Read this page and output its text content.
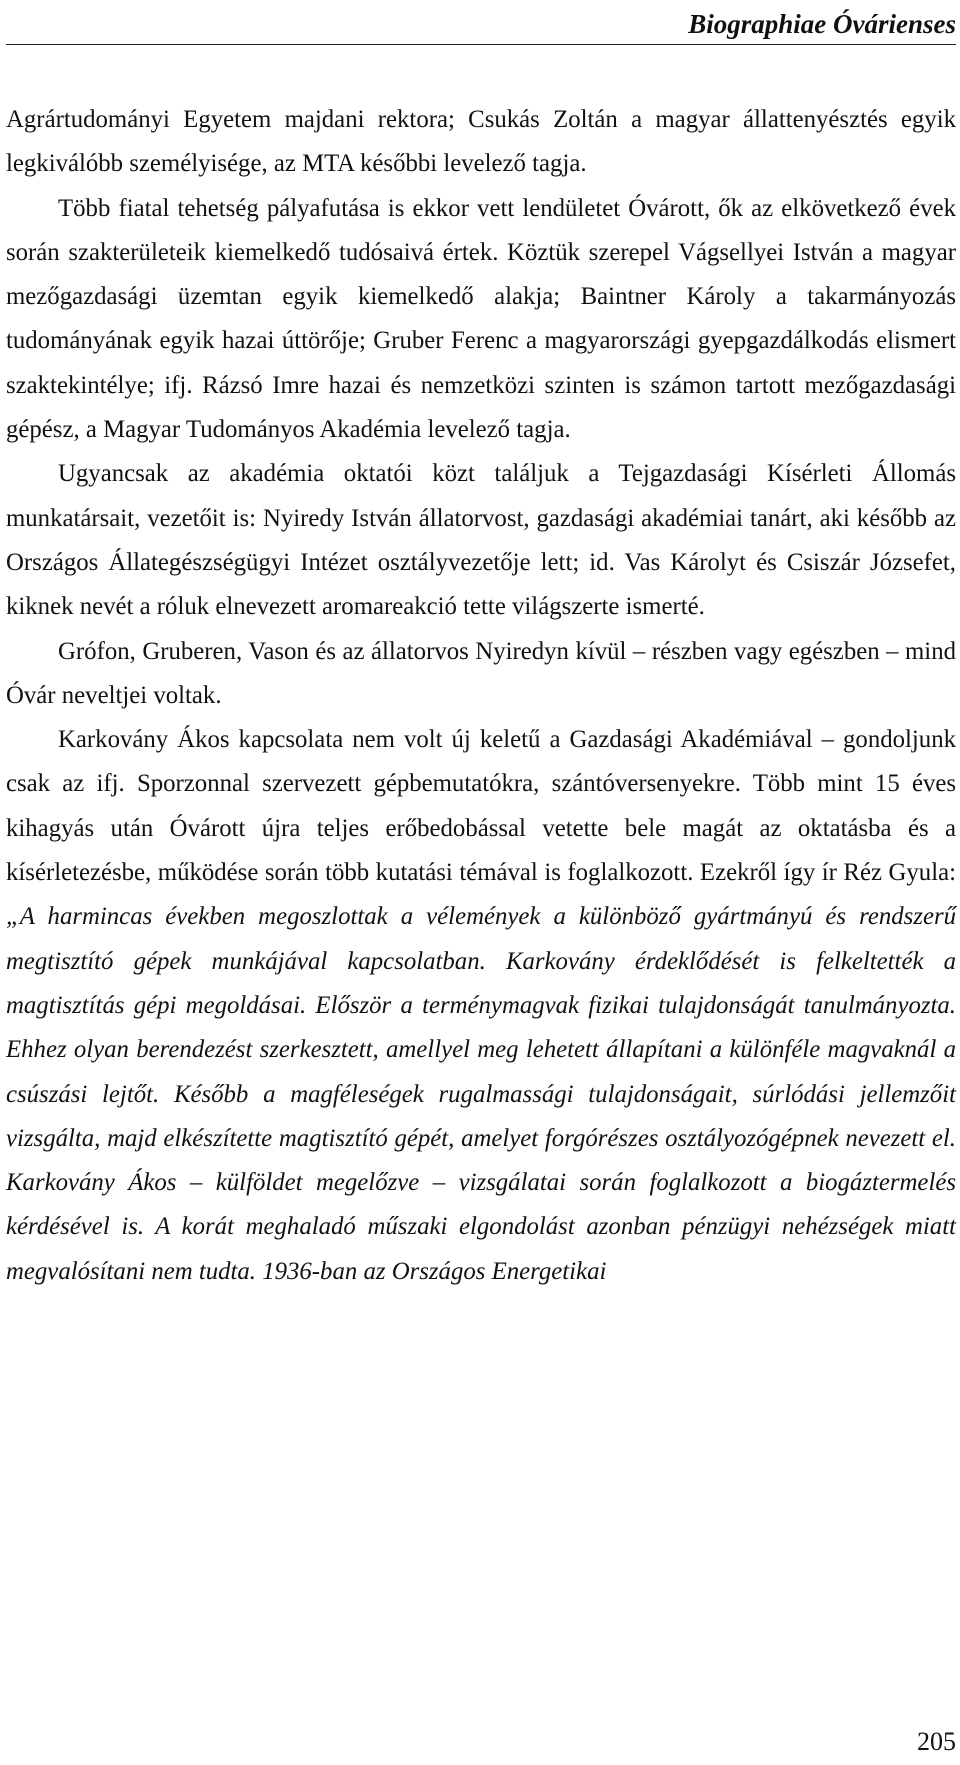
Biographiae Óvárienses

Agrártudományi Egyetem majdani rektora; Csukás Zoltán a magyar állattenyésztés egyik legkiválóbb személyisége, az MTA későbbi levelező tagja.

Több fiatal tehetség pályafutása is ekkor vett lendületet Óvárott, ők az elkövetkező évek során szakterületeik kiemelkedő tudósaivá értek. Köztük szerepel Vágsellyei István a magyar mezőgazdasági üzemtan egyik kiemelkedő alakja; Baintner Károly a takarmányozás tudományának egyik hazai úttörője; Gruber Ferenc a magyarországi gyepgazdálkodás elismert szaktekintélye; ifj. Rázsó Imre hazai és nemzetközi szinten is számon tartott mezőgazdasági gépész, a Magyar Tudományos Akadémia levelező tagja.

Ugyancsak az akadémia oktatói közt találjuk a Tejgazdasági Kísérleti Állomás munkatársait, vezetőit is: Nyiredy István állatorvost, gazdasági akadémiai tanárt, aki később az Országos Állategészségügyi Intézet osztályvezetője lett; id. Vas Károlyt és Csiszár Józsefet, kiknek nevét a róluk elnevezett aromareakció tette világszerte ismerté.

Grófon, Gruberen, Vason és az állatorvos Nyiredyn kívül – részben vagy egészben – mind Óvár neveltjei voltak.

Karkovány Ákos kapcsolata nem volt új keletű a Gazdasági Akadémiával – gondoljunk csak az ifj. Sporzonnal szervezett gépbemutatókra, szántóversenyekre. Több mint 15 éves kihagyás után Óvárott újra teljes erőbedobással vetette bele magát az oktatásba és a kísérletezésbe, működése során több kutatási témával is foglalkozott. Ezekről így ír Réz Gyula: „A harmincas években megoszlottak a vélemények a különböző gyártmányú és rendszerű megtisztító gépek munkájával kapcsolatban. Karkovány érdeklődését is felkeltették a magtisztítás gépi megoldásai. Először a terménymagvak fizikai tulajdonságát tanulmányozta. Ehhez olyan berendezést szerkesztett, amellyel meg lehetett állapítani a különféle magvaknál a csúszási lejtőt. Később a magféleségek rugalmassági tulajdonságait, súrlódási jellemzőit vizsgálta, majd elkészítette magtisztító gépét, amelyet forgórészes osztályozógépnek nevezett el. Karkovány Ákos – külföldet megelőzve – vizsgálatai során foglalkozott a biogáztermelés kérdésével is. A korát meghaladó műszaki elgondolást azonban pénzügyi nehézségek miatt megvalósítani nem tudta. 1936-ban az Országos Energetikai

205
